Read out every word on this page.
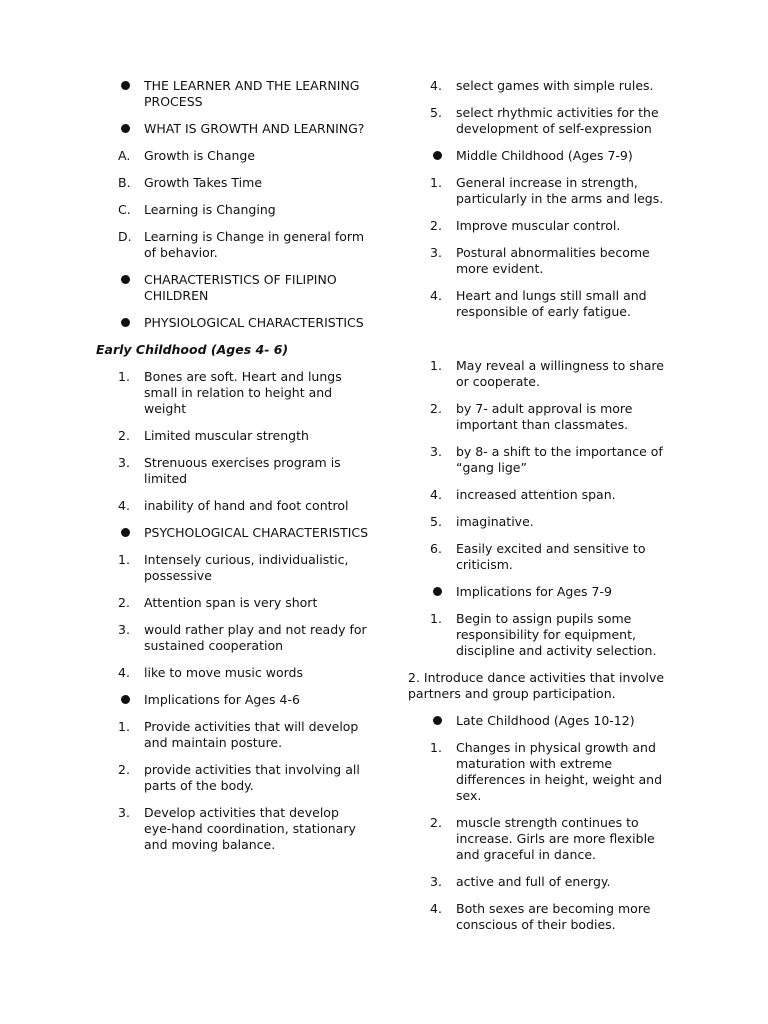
THE LEARNER AND THE LEARNING PROCESS
WHAT IS GROWTH AND LEARNING?
A.	Growth is Change
B.	Growth Takes Time
C.	Learning is Changing
D. Learning is Change in general form of behavior.
CHARACTERISTICS OF FILIPINO CHILDREN
PHYSIOLOGICAL CHARACTERISTICS
Early Childhood (Ages 4- 6)
1.	Bones are soft. Heart and lungs small in relation to height and weight
2.	Limited muscular strength
3.	Strenuous exercises program is limited
4.	inability of hand and foot control
PSYCHOLOGICAL CHARACTERISTICS
1.	Intensely curious, individualistic, possessive
2.	Attention span is very short
3.	would rather play and not ready for sustained cooperation
4.	like to move music words
Implications for Ages 4-6
1.	Provide activities that will develop and maintain posture.
2.	provide activities that involving all parts of the body.
3.	Develop activities that develop eye-hand coordination, stationary and moving balance.
4.	select games with simple rules.
5.	select rhythmic activities for the development of self-expression
Middle Childhood (Ages 7-9)
1.	General increase in strength, particularly in the arms and legs.
2.	Improve muscular control.
3.	Postural abnormalities become more evident.
4.	Heart and lungs still small and responsible of early fatigue.
1.	May reveal a willingness to share or cooperate.
2.	by 7- adult approval is more important than classmates.
3.	by 8- a shift to the importance of “gang lige”
4.	increased attention span.
5.	imaginative.
6.	Easily excited and sensitive to criticism.
Implications for Ages 7-9
1.	Begin to assign pupils some responsibility for equipment, discipline and activity selection.
2. Introduce dance activities that involve partners and group participation.
Late Childhood (Ages 10-12)
1.	Changes in physical growth and maturation with extreme differences in height, weight and sex.
2.	muscle strength continues to increase. Girls are more flexible and graceful in dance.
3.	active and full of energy.
4.	Both sexes are becoming more conscious of their bodies.
